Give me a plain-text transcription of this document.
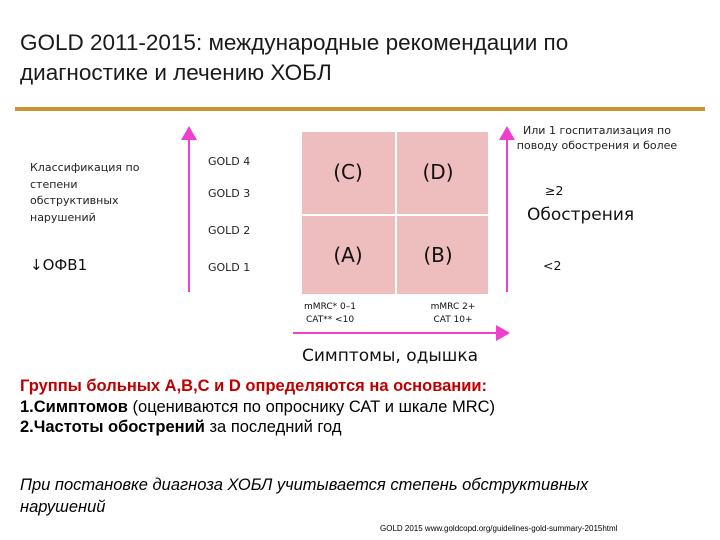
GOLD 2011-2015: международные рекомендации по диагностике и лечению ХОБЛ
Классификация по степени обструктивных нарушений
↓ОФВ1
GOLD 4
GOLD 3
GOLD 2
GOLD 1
(C)	(D)
(A)	(B)
mMRC* 0–1
CAT** <10
mMRC 2+
CAT 10+
Симптомы, одышка
Или 1 госпитализация по поводу обострения и более
≥2
Обострения
<2
Группы больных A,B,C и D определяются на основании:
1.Симптомов (оцениваются по опроснику САТ и шкале MRC)
2.Частоты обострений за последний год
При постановке диагноза ХОБЛ учитывается степень обструктивных нарушений
GOLD 2015 www.goldcopd.org/guidelines-gold-summary-2015html
